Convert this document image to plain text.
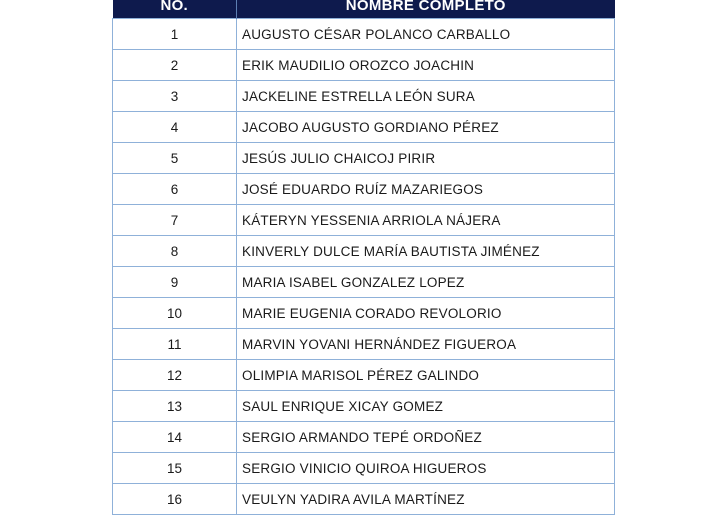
NO.	NOMBRE COMPLETO
1	AUGUSTO CÉSAR POLANCO CARBALLO
2	ERIK MAUDILIO OROZCO JOACHIN
3	JACKELINE ESTRELLA LEÓN SURA
4	JACOBO AUGUSTO GORDIANO PÉREZ
5	JESÚS JULIO CHAICOJ PIRIR
6	JOSÉ EDUARDO RUÍZ MAZARIEGOS
7	KÁTERYN YESSENIA ARRIOLA NÁJERA
8	KINVERLY DULCE MARÍA BAUTISTA JIMÉNEZ
9	MARIA ISABEL GONZALEZ LOPEZ
10	MARIE EUGENIA CORADO REVOLORIO
11	MARVIN YOVANI HERNÁNDEZ FIGUEROA
12	OLIMPIA MARISOL PÉREZ GALINDO
13	SAUL ENRIQUE XICAY GOMEZ
14	SERGIO ARMANDO TEPÉ ORDOÑEZ
15	SERGIO VINICIO QUIROA HIGUEROS
16	VEULYN YADIRA AVILA MARTÍNEZ
